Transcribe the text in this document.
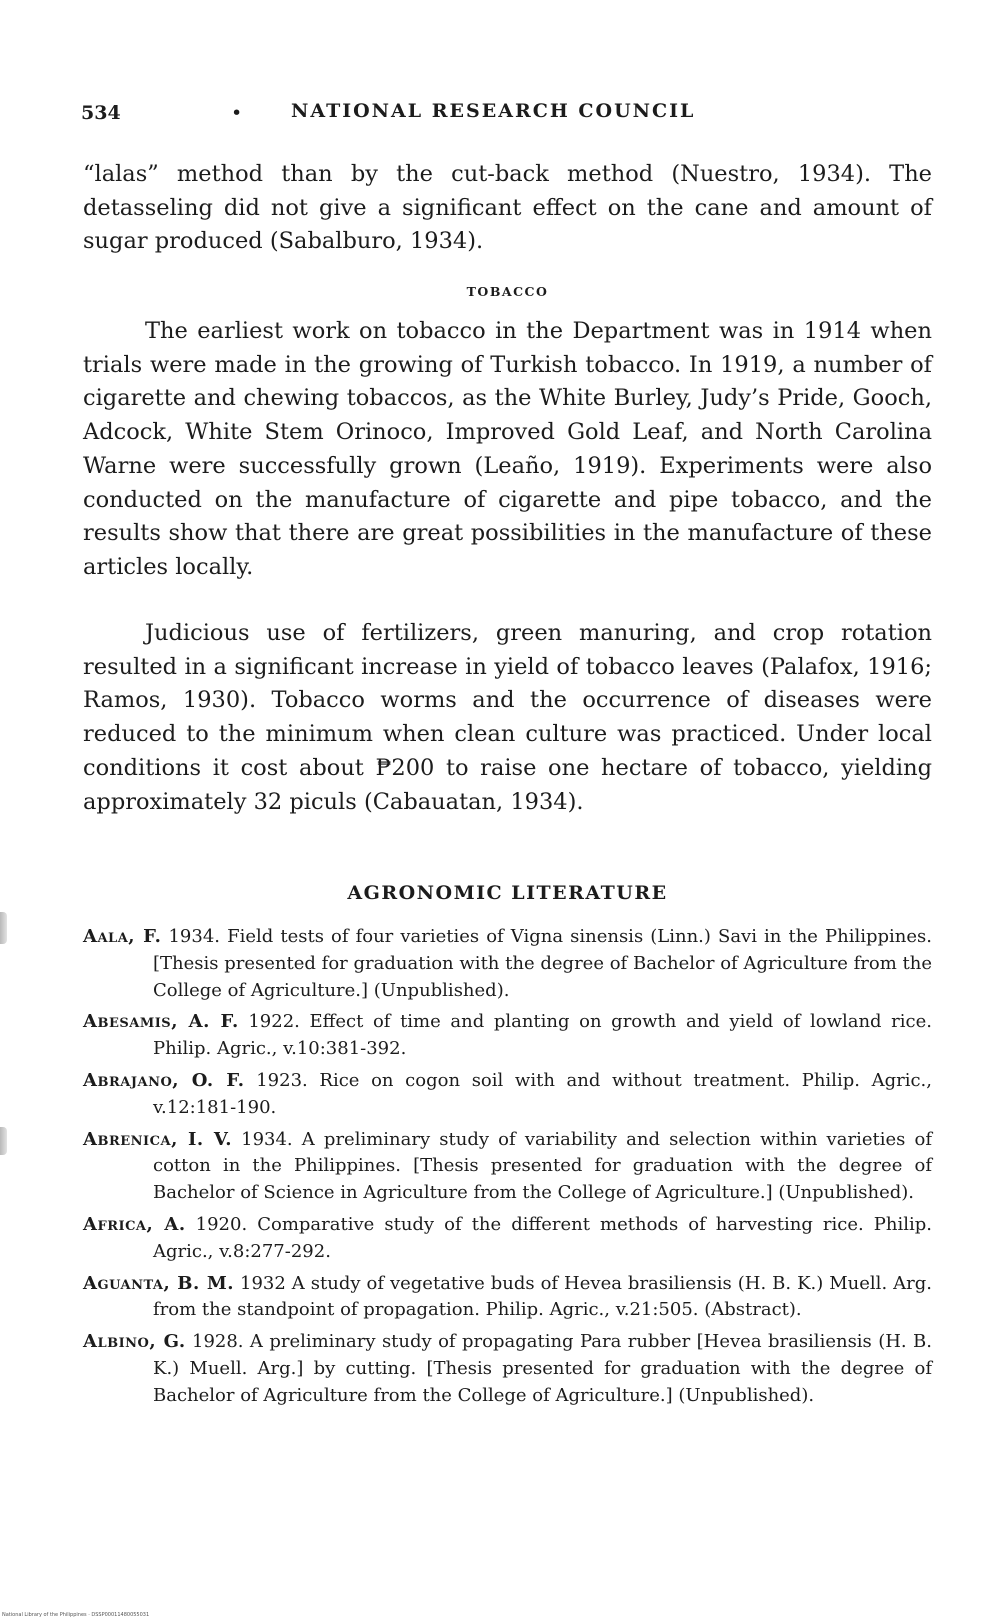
534	• NATIONAL RESEARCH COUNCIL

“lalas” method than by the cut-back method (Nuestro, 1934). The detasseling did not give a significant effect on the cane and amount of sugar produced (Sabalburo, 1934).

TOBACCO

The earliest work on tobacco in the Department was in 1914 when trials were made in the growing of Turkish tobacco. In 1919, a number of cigarette and chewing tobaccos, as the White Burley, Judy’s Pride, Gooch, Adcock, White Stem Orinoco, Improved Gold Leaf, and North Carolina Warne were successfully grown (Leaño, 1919). Experiments were also conducted on the manufacture of cigarette and pipe tobacco, and the results show that there are great possibilities in the manufacture of these articles locally.

Judicious use of fertilizers, green manuring, and crop rotation resulted in a significant increase in yield of tobacco leaves (Palafox, 1916; Ramos, 1930). Tobacco worms and the occurrence of diseases were reduced to the minimum when clean culture was practiced. Under local conditions it cost about ₱200 to raise one hectare of tobacco, yielding approximately 32 piculs (Cabauatan, 1934).

AGRONOMIC LITERATURE
Aala, F. 1934. Field tests of four varieties of Vigna sinensis (Linn.) Savi in the Philippines. [Thesis presented for graduation with the degree of Bachelor of Agriculture from the College of Agriculture.] (Unpublished).
Abesamis, A. F. 1922. Effect of time and planting on growth and yield of lowland rice. Philip. Agric., v.10:381-392.
Abrajano, O. F. 1923. Rice on cogon soil with and without treatment. Philip. Agric., v.12:181-190.
Abrenica, I. V. 1934. A preliminary study of variability and selection within varieties of cotton in the Philippines. [Thesis presented for graduation with the degree of Bachelor of Science in Agriculture from the College of Agriculture.] (Unpublished).
Africa, A. 1920. Comparative study of the different methods of harvesting rice. Philip. Agric., v.8:277-292.
Aguanta, B. M. 1932 A study of vegetative buds of Hevea brasiliensis (H. B. K.) Muell. Arg. from the standpoint of propagation. Philip. Agric., v.21:505. (Abstract).
Albino, G. 1928. A preliminary study of propagating Para rubber [Hevea brasiliensis (H. B. K.) Muell. Arg.] by cutting. [Thesis presented for graduation with the degree of Bachelor of Agriculture from the College of Agriculture.] (Unpublished).
National Library of the Philippines · DSSP00011480055031
